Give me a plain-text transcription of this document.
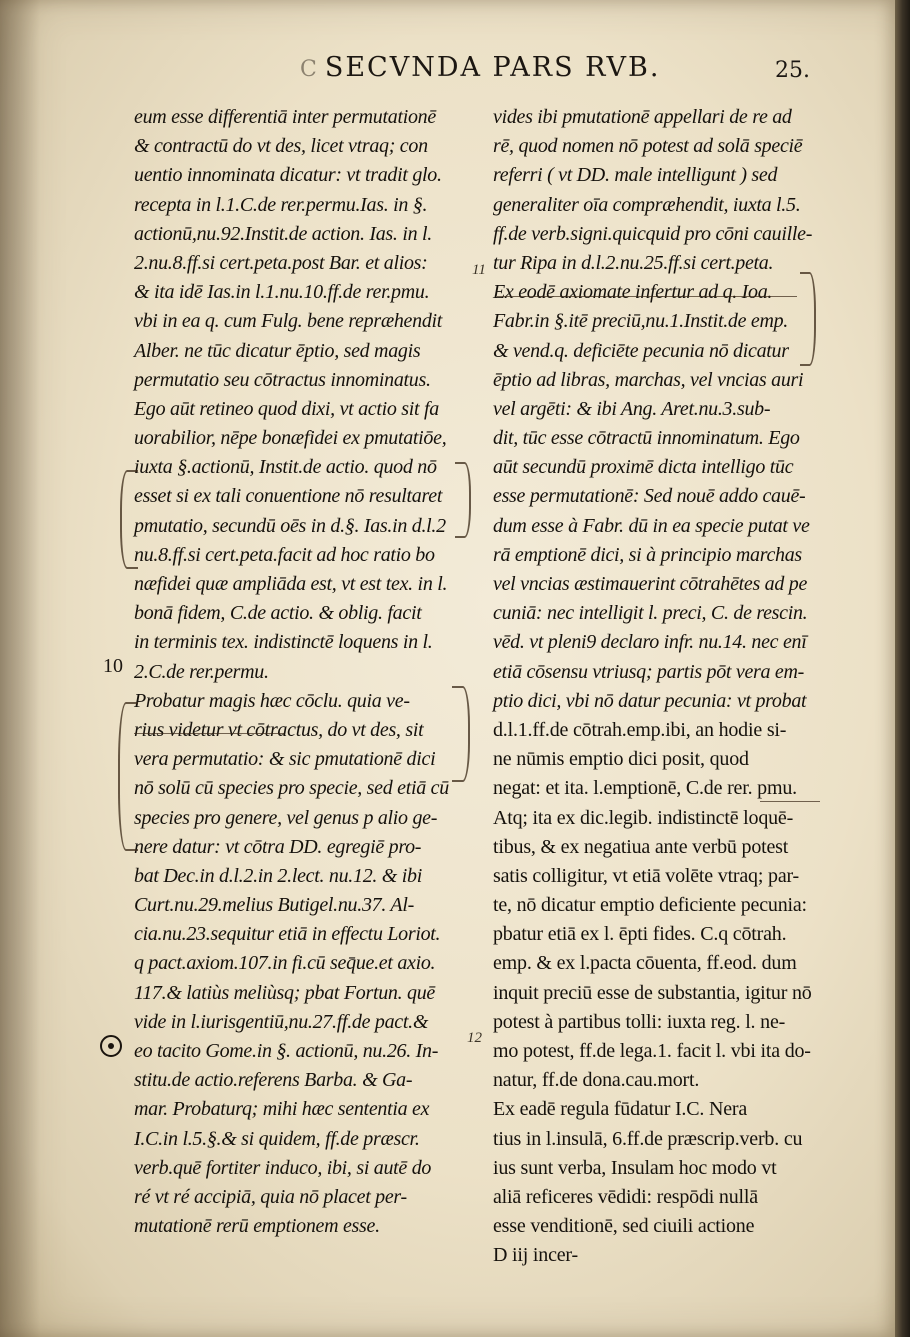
C SECVNDA PARS RVB.	25.
eum esse differentiā inter permutationē
& contractū do vt des, licet vtraq; con
uentio innominata dicatur: vt tradit glo.
recepta in l.1.C.de rer.permu.Ias. in §.
actionū,nu.92.Instit.de action. Ias. in l.
2.nu.8.ff.si cert.peta.post Bar. et alios:
& ita idē Ias.in l.1.nu.10.ff.de rer.pmu.
vbi in ea q. cum Fulg. bene repræhendit
Alber. ne tūc dicatur ēptio, sed magis
permutatio seu cōtractus innominatus.
Ego aūt retineo quod dixi, vt actio sit fa
uorabilior, nēpe bonæfidei ex pmutatiōe,
iuxta §.actionū, Instit.de actio. quod nō
esset si ex tali conuentione nō resultaret
pmutatio, secundū oēs in d.§. Ias.in d.l.2
nu.8.ff.si cert.peta.facit ad hoc ratio bo
næfidei quæ ampliāda est, vt est tex. in l.
bonā fidem, C.de actio. & oblig. facit
in terminis tex. indistinctē loquens in l.
2.C.de rer.permu.
Probatur magis hæc cōclu. quia ve-
rius videtur vt cōtractus, do vt des, sit
vera permutatio: & sic pmutationē dici
nō solū cū species pro specie, sed etiā cū
species pro genere, vel genus p alio ge-
nere datur: vt cōtra DD. egregiē pro-
bat Dec.in d.l.2.in 2.lect. nu.12. & ibi
Curt.nu.29.melius Butigel.nu.37. Al-
cia.nu.23.sequitur etiā in effectu Loriot.
q pact.axiom.107.in fi.cū seq̄ue.et axio.
117.& latiùs meliùsq; pbat Fortun. quē
vide in l.iurisgentiū,nu.27.ff.de pact.&
eo tacito Gome.in §. actionū, nu.26. In-
stitu.de actio.referens Barba. & Ga-
mar. Probaturq; mihi hæc sententia ex
I.C.in l.5.§.& si quidem, ff.de præscr.
verb.quē fortiter induco, ibi, si autē do
ré vt ré accipiā, quia nō placet per-
mutationē rerū emptionem esse.
vides ibi pmutationē appellari de re ad
rē, quod nomen nō potest ad solā speciē
referri ( vt DD. male intelligunt ) sed
generaliter oīa compræhendit, iuxta l.5.
ff.de verb.signi.quicquid pro cōni cauille-
tur Ripa in d.l.2.nu.25.ff.si cert.peta.
Ex eodē axiomate infertur ad q. Ioa.
Fabr.in §.itē preciū,nu.1.Instit.de emp.
& vend.q. deficiēte pecunia nō dicatur
ēptio ad libras, marchas, vel vncias auri
vel argēti: & ibi Ang. Aret.nu.3.sub-
dit, tūc esse cōtractū innominatum. Ego
aūt secundū proximē dicta intelligo tūc
esse permutationē: Sed nouē addo cauē-
dum esse à Fabr. dū in ea specie putat ve
rā emptionē dici, si à principio marchas
vel vncias æstimauerint cōtrahētes ad pe
cuniā: nec intelligit l. preci, C. de rescin.
vēd. vt pleni9 declaro infr. nu.14. nec enī
etiā cōsensu vtriusq; partis pōt vera em-
ptio dici, vbi nō datur pecunia: vt probat
d.l.1.ff.de cōtrah.emp.ibi, an hodie si-
ne nūmis emptio dici posit, quod
negat: et ita. l.emptionē, C.de rer. pmu.
Atq; ita ex dic.legib. indistinctē loquē-
tibus, & ex negatiua ante verbū potest
satis colligitur, vt etiā volēte vtraq; par-
te, nō dicatur emptio deficiente pecunia:
pbatur etiā ex l. ēpti fides. C.q cōtrah.
emp. & ex l.pacta cōuenta, ff.eod. dum
inquit preciū esse de substantia, igitur nō
potest à partibus tolli: iuxta reg. l. ne-
mo potest, ff.de lega.1. facit l. vbi ita do-
natur, ff.de dona.cau.mort.
Ex eadē regula fūdatur I.C. Nera
tius in l.insulā, 6.ff.de præscrip.verb. cu
ius sunt verba, Insulam hoc modo vt
aliā reficeres vēdidi: respōdi nullā
esse venditionē, sed ciuili actione
D iij incer-
10
11
12
